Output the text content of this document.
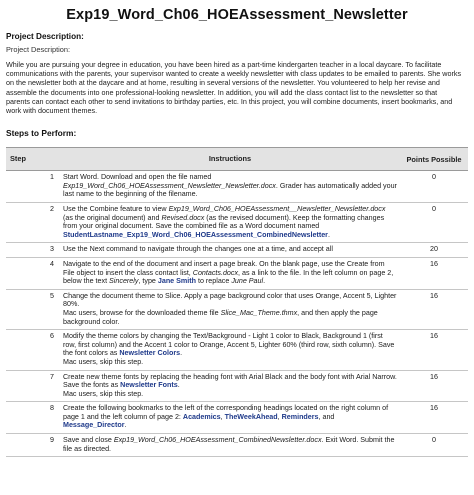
Exp19_Word_Ch06_HOEAssessment_Newsletter
Project Description:
Project Description:
While you are pursuing your degree in education, you have been hired as a part-time kindergarten teacher in a local daycare. To facilitate communications with the parents, your supervisor wanted to create a weekly newsletter with class updates to be emailed to parents. She works on the newsletter both at the daycare and at home, resulting in several versions of the newsletter. You volunteered to help her revise and assemble the documents into one professional-looking newsletter. In addition, you will add the class contact list to the newsletter so that parents can contact each other to send invitations to birthday parties, etc. In this project, you will combine documents, insert bookmarks, and work with document themes.
Steps to Perform:
Step	Instructions	Points Possible
1	Start Word. Download and open the file named Exp19_Word_Ch06_HOEAssessment_Newsletter_Newsletter.docx. Grader has automatically added your last name to the beginning of the filename.	0
2	Use the Combine feature to view Exp19_Word_Ch06_HOEAssessment__Newsletter_Newsletter.docx (as the original document) and Revised.docx (as the revised document). Keep the formatting changes from your original document. Save the combined file as a Word document named StudentLastname_Exp19_Word_Ch06_HOEAssessment_CombinedNewsletter.	0
3	Use the Next command to navigate through the changes one at a time, and accept all	20
4	Navigate to the end of the document and insert a page break. On the blank page, use the Create from File object to insert the class contact list, Contacts.docx, as a link to the file. In the left column on page 2, below the text Sincerely, type Jane Smith to replace June Paul.	16
5	Change the document theme to Slice. Apply a page background color that uses Orange, Accent 5, Lighter 80%.
Mac users, browse for the downloaded theme file Slice_Mac_Theme.thmx, and then apply the page background color.	16
6	Modify the theme colors by changing the Text/Background - Light 1 color to Black, Background 1 (first row, first column) and the Accent 1 color to Orange, Accent 5, Lighter 60% (third row, sixth column). Save the font colors as Newsletter Colors.
Mac users, skip this step.	16
7	Create new theme fonts by replacing the heading font with Arial Black and the body font with Arial Narrow. Save the fonts as Newsletter Fonts.
Mac users, skip this step.	16
8	Create the following bookmarks to the left of the corresponding headings located on the right column of page 1 and the left column of page 2: Academics, TheWeekAhead, Reminders, and Message_Director.	16
9	Save and close Exp19_Word_Ch06_HOEAssessment_CombinedNewsletter.docx. Exit Word. Submit the file as directed.	0
